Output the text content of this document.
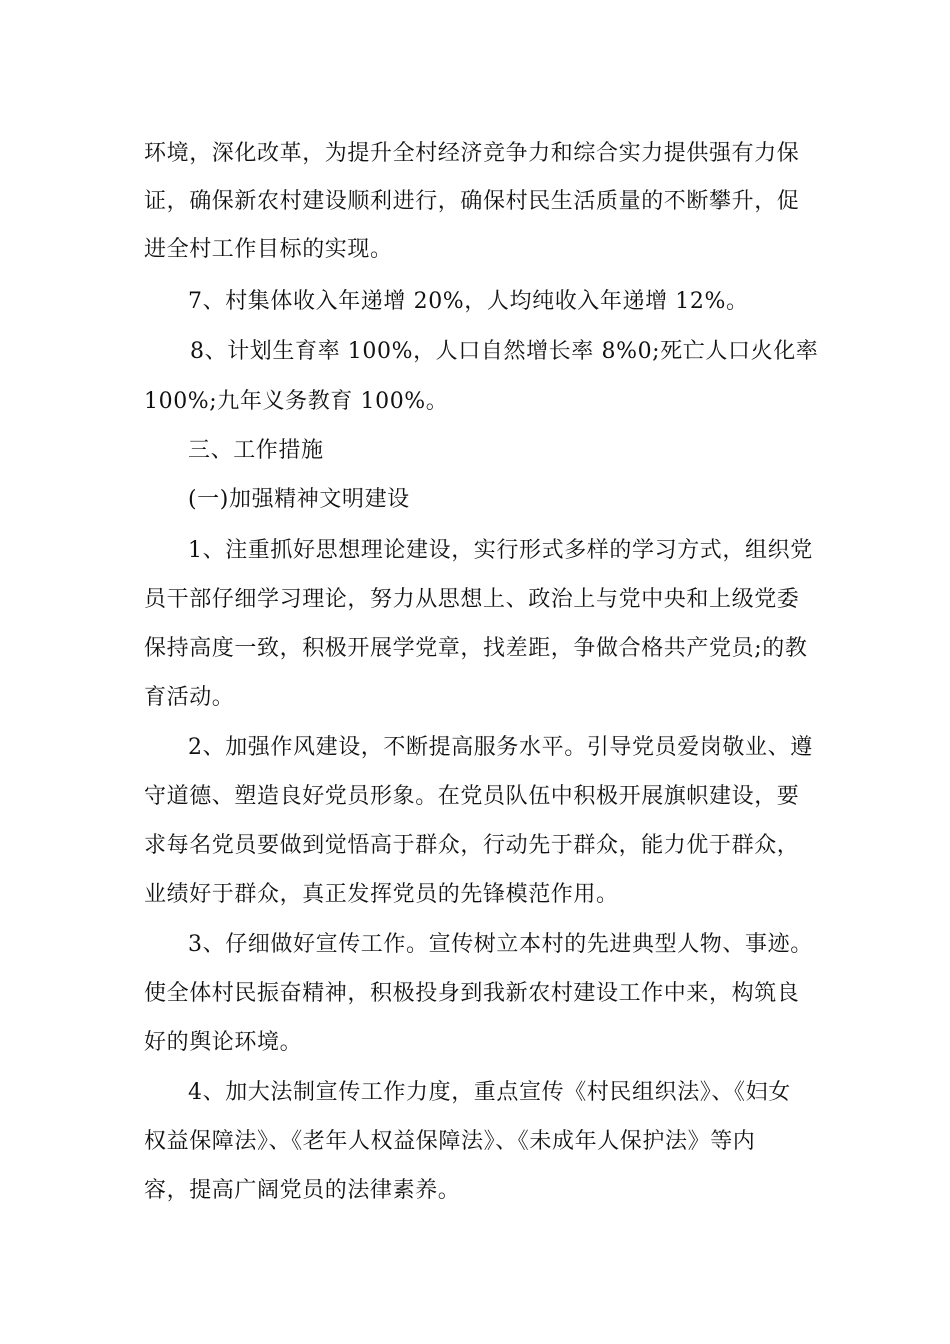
环境，深化改革，为提升全村经济竞争力和综合实力提供强有力保
证，确保新农村建设顺利进行，确保村民生活质量的不断攀升，促
进全村工作目标的实现。
7、村集体收入年递增 20%，人均纯收入年递增 12%。
8、计划生育率 100%，人口自然增长率 8%0;死亡人口火化率
100%;九年义务教育 100%。
三、工作措施
(一)加强精神文明建设
1、注重抓好思想理论建设，实行形式多样的学习方式，组织党
员干部仔细学习理论，努力从思想上、政治上与党中央和上级党委
保持高度一致，积极开展学党章，找差距，争做合格共产党员;的教
育活动。
2、加强作风建设，不断提高服务水平。引导党员爱岗敬业、遵
守道德、塑造良好党员形象。在党员队伍中积极开展旗帜建设，要
求每名党员要做到觉悟高于群众，行动先于群众，能力优于群众，
业绩好于群众，真正发挥党员的先锋模范作用。
3、仔细做好宣传工作。宣传树立本村的先进典型人物、事迹。
使全体村民振奋精神，积极投身到我新农村建设工作中来，构筑良
好的舆论环境。
4、加大法制宣传工作力度，重点宣传《村民组织法》、《妇女
权益保障法》、《老年人权益保障法》、《未成年人保护法》等内
容，提高广阔党员的法律素养。
